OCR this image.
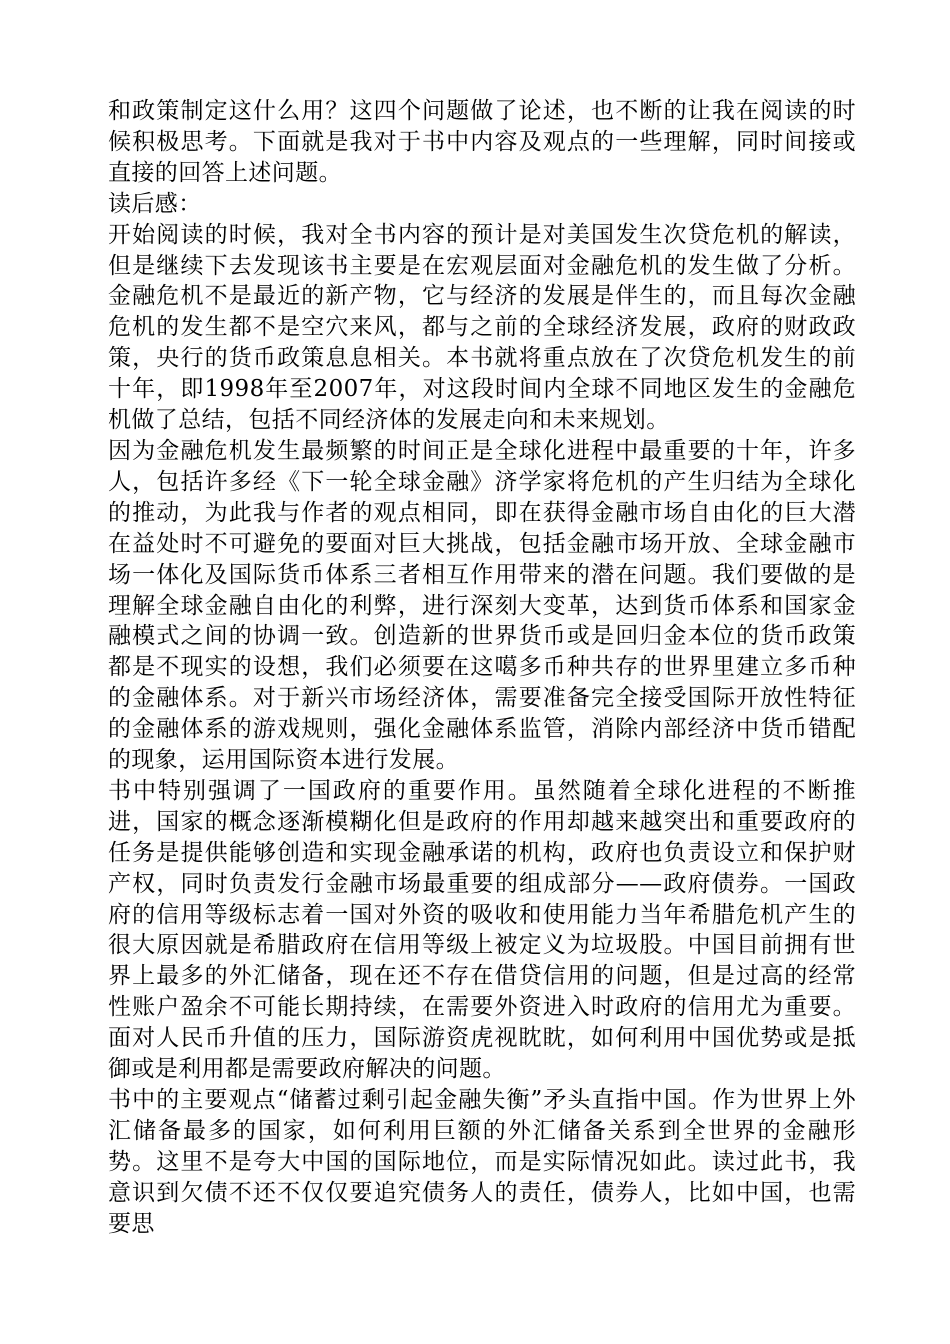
和政策制定这什么用？这四个问题做了论述，也不断的让我在阅读的时候积极思考。下面就是我对于书中内容及观点的一些理解，同时间接或直接的回答上述问题。

读后感：

开始阅读的时候，我对全书内容的预计是对美国发生次贷危机的解读，但是继续下去发现该书主要是在宏观层面对金融危机的发生做了分析。金融危机不是最近的新产物，它与经济的发展是伴生的，而且每次金融危机的发生都不是空穴来风，都与之前的全球经济发展，政府的财政政策，央行的货币政策息息相关。本书就将重点放在了次贷危机发生的前十年，即1998年至2007年，对这段时间内全球不同地区发生的金融危机做了总结，包括不同经济体的发展走向和未来规划。

因为金融危机发生最频繁的时间正是全球化进程中最重要的十年，许多人，包括许多经《下一轮全球金融》济学家将危机的产生归结为全球化的推动，为此我与作者的观点相同，即在获得金融市场自由化的巨大潜在益处时不可避免的要面对巨大挑战，包括金融市场开放、全球金融市场一体化及国际货币体系三者相互作用带来的潜在问题。我们要做的是理解全球金融自由化的利弊，进行深刻大变革，达到货币体系和国家金融模式之间的协调一致。创造新的世界货币或是回归金本位的货币政策都是不现实的设想，我们必须要在这噶多币种共存的世界里建立多币种的金融体系。对于新兴市场经济体，需要准备完全接受国际开放性特征的金融体系的游戏规则，强化金融体系监管，消除内部经济中货币错配的现象，运用国际资本进行发展。

书中特别强调了一国政府的重要作用。虽然随着全球化进程的不断推进，国家的概念逐渐模糊化但是政府的作用却越来越突出和重要政府的任务是提供能够创造和实现金融承诺的机构，政府也负责设立和保护财产权，同时负责发行金融市场最重要的组成部分——政府债券。一国政府的信用等级标志着一国对外资的吸收和使用能力当年希腊危机产生的很大原因就是希腊政府在信用等级上被定义为垃圾股。中国目前拥有世界上最多的外汇储备，现在还不存在借贷信用的问题，但是过高的经常性账户盈余不可能长期持续，在需要外资进入时政府的信用尤为重要。面对人民币升值的压力，国际游资虎视眈眈，如何利用中国优势或是抵御或是利用都是需要政府解决的问题。

书中的主要观点“储蓄过剩引起金融失衡”矛头直指中国。作为世界上外汇储备最多的国家，如何利用巨额的外汇储备关系到全世界的金融形势。这里不是夸大中国的国际地位，而是实际情况如此。读过此书，我意识到欠债不还不仅仅要追究债务人的责任，债券人，比如中国，也需要思
